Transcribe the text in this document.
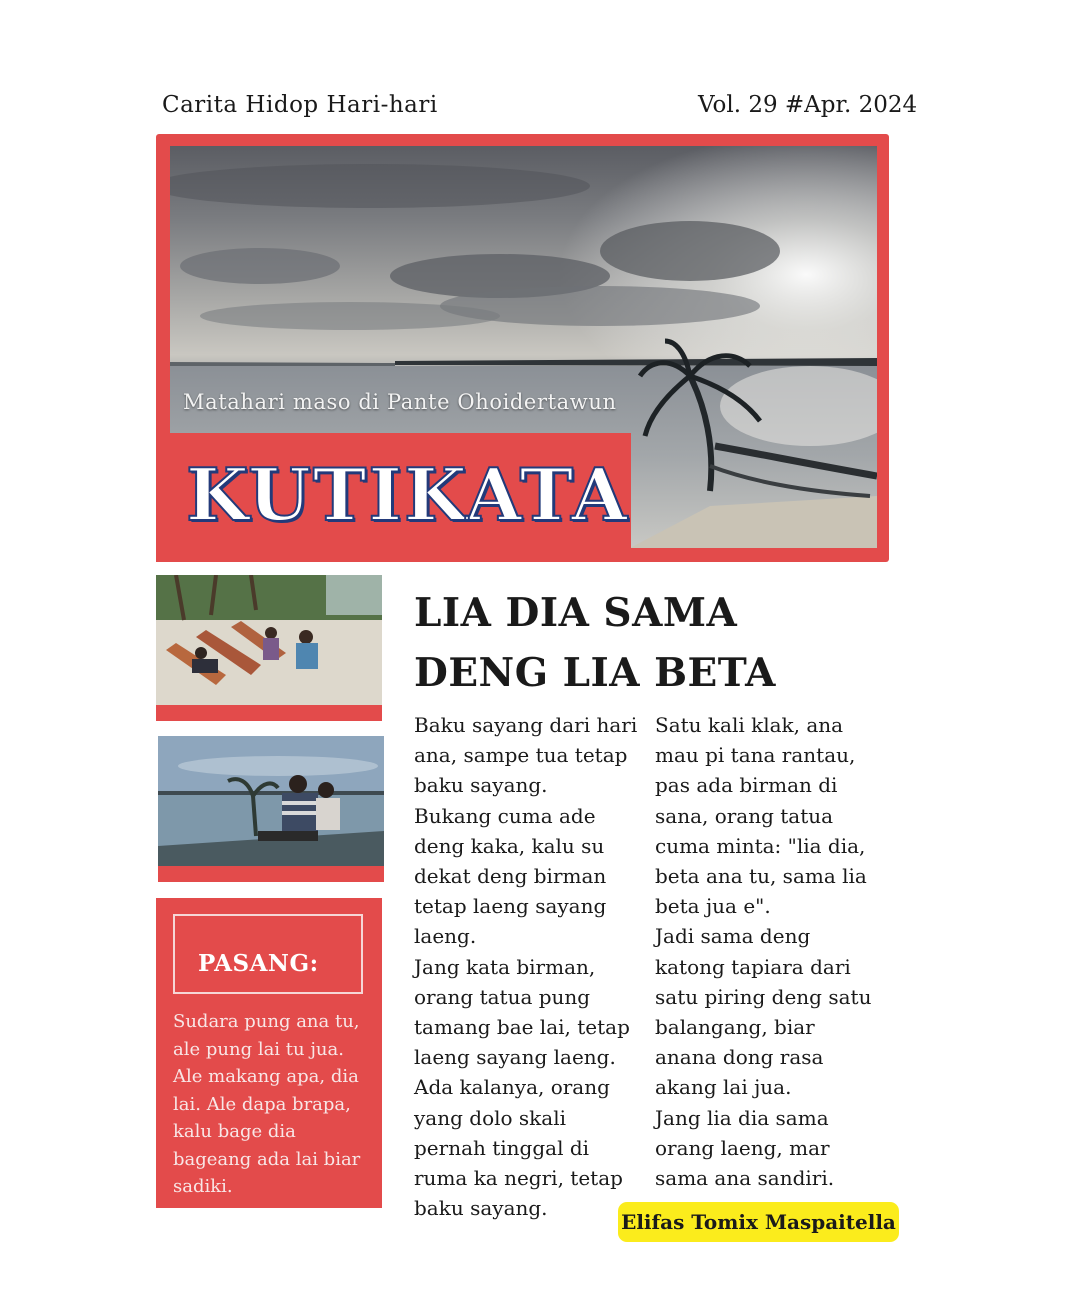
Carita Hidop Hari-hari	Vol. 29 #Apr. 2024
Matahari maso di Pante Ohoidertawun
KUTIKATA
PASANG:
Sudara pung ana tu, ale pung lai tu jua. Ale makang apa, dia lai. Ale dapa brapa, kalu bage dia bageang ada lai biar sadiki.
LIA DIA SAMA
DENG LIA BETA
Baku sayang dari hari
ana, sampe tua tetap
baku sayang.
Bukang cuma ade
deng kaka, kalu su
dekat deng birman
tetap laeng sayang
laeng.
Jang kata birman,
orang tatua pung
tamang bae lai, tetap
laeng sayang laeng.
Ada kalanya, orang
yang dolo skali
pernah tinggal di
ruma ka negri, tetap
baku sayang.
Satu kali klak, ana
mau pi tana rantau,
pas ada birman di
sana, orang tatua
cuma minta: "lia dia,
beta ana tu, sama lia
beta jua e".
Jadi sama deng
katong tapiara dari
satu piring deng satu
balangang, biar
anana dong rasa
akang lai jua.
Jang lia dia sama
orang laeng, mar
sama ana sandiri.
Elifas Tomix Maspaitella
